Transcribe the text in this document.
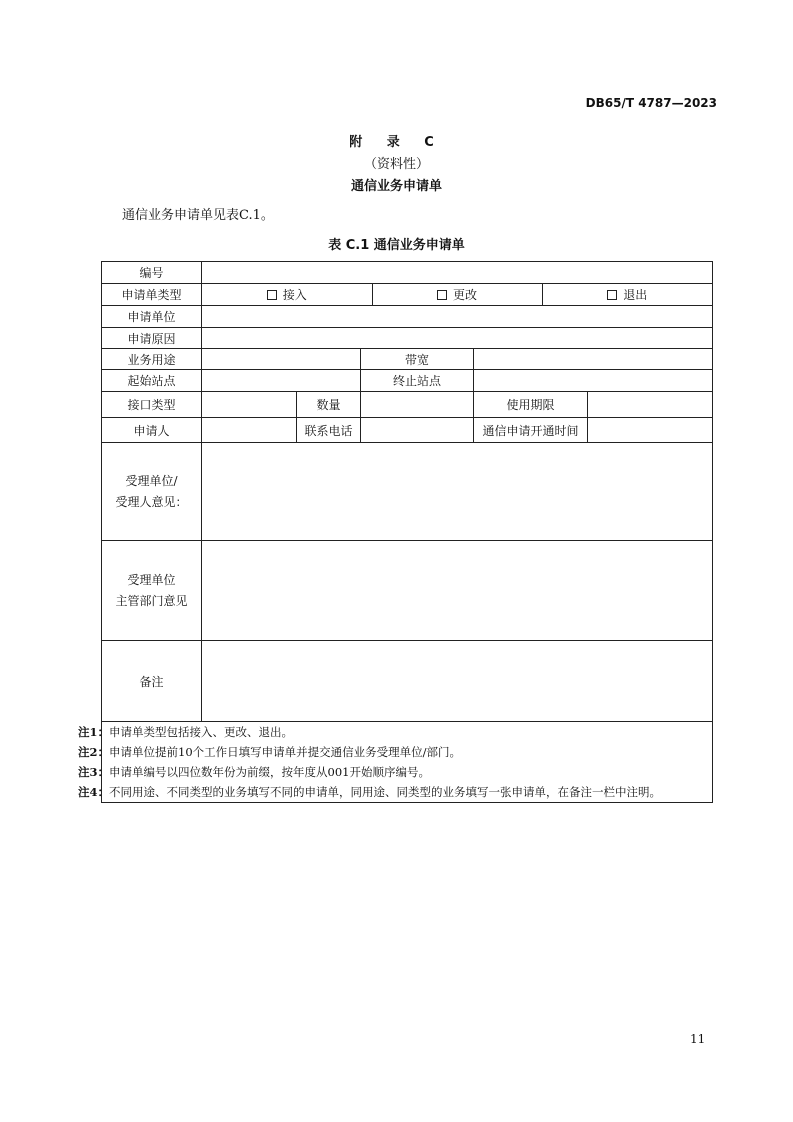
DB65/T 4787—2023
附 录 C
（资料性）
通信业务申请单
通信业务申请单见表C.1。
表 C.1 通信业务申请单
编号	
申请单类型		接入	更改	退出

申请单位	
申请原因	
业务用途		带宽	
起始站点		终止站点	
接口类型		数量		使用期限	
申请人		联系电话		通信申请开通时间	

受理单位/
受理人意见：

受理单位
主管部门意见

备注	

注1：申请单类型包括接入、更改、退出。
注2：申请单位提前10个工作日填写申请单并提交通信业务受理单位/部门。
注3：申请单编号以四位数年份为前缀，按年度从001开始顺序编号。
注4：不同用途、不同类型的业务填写不同的申请单，同用途、同类型的业务填写一张申请单，在备注一栏中注明。
11
